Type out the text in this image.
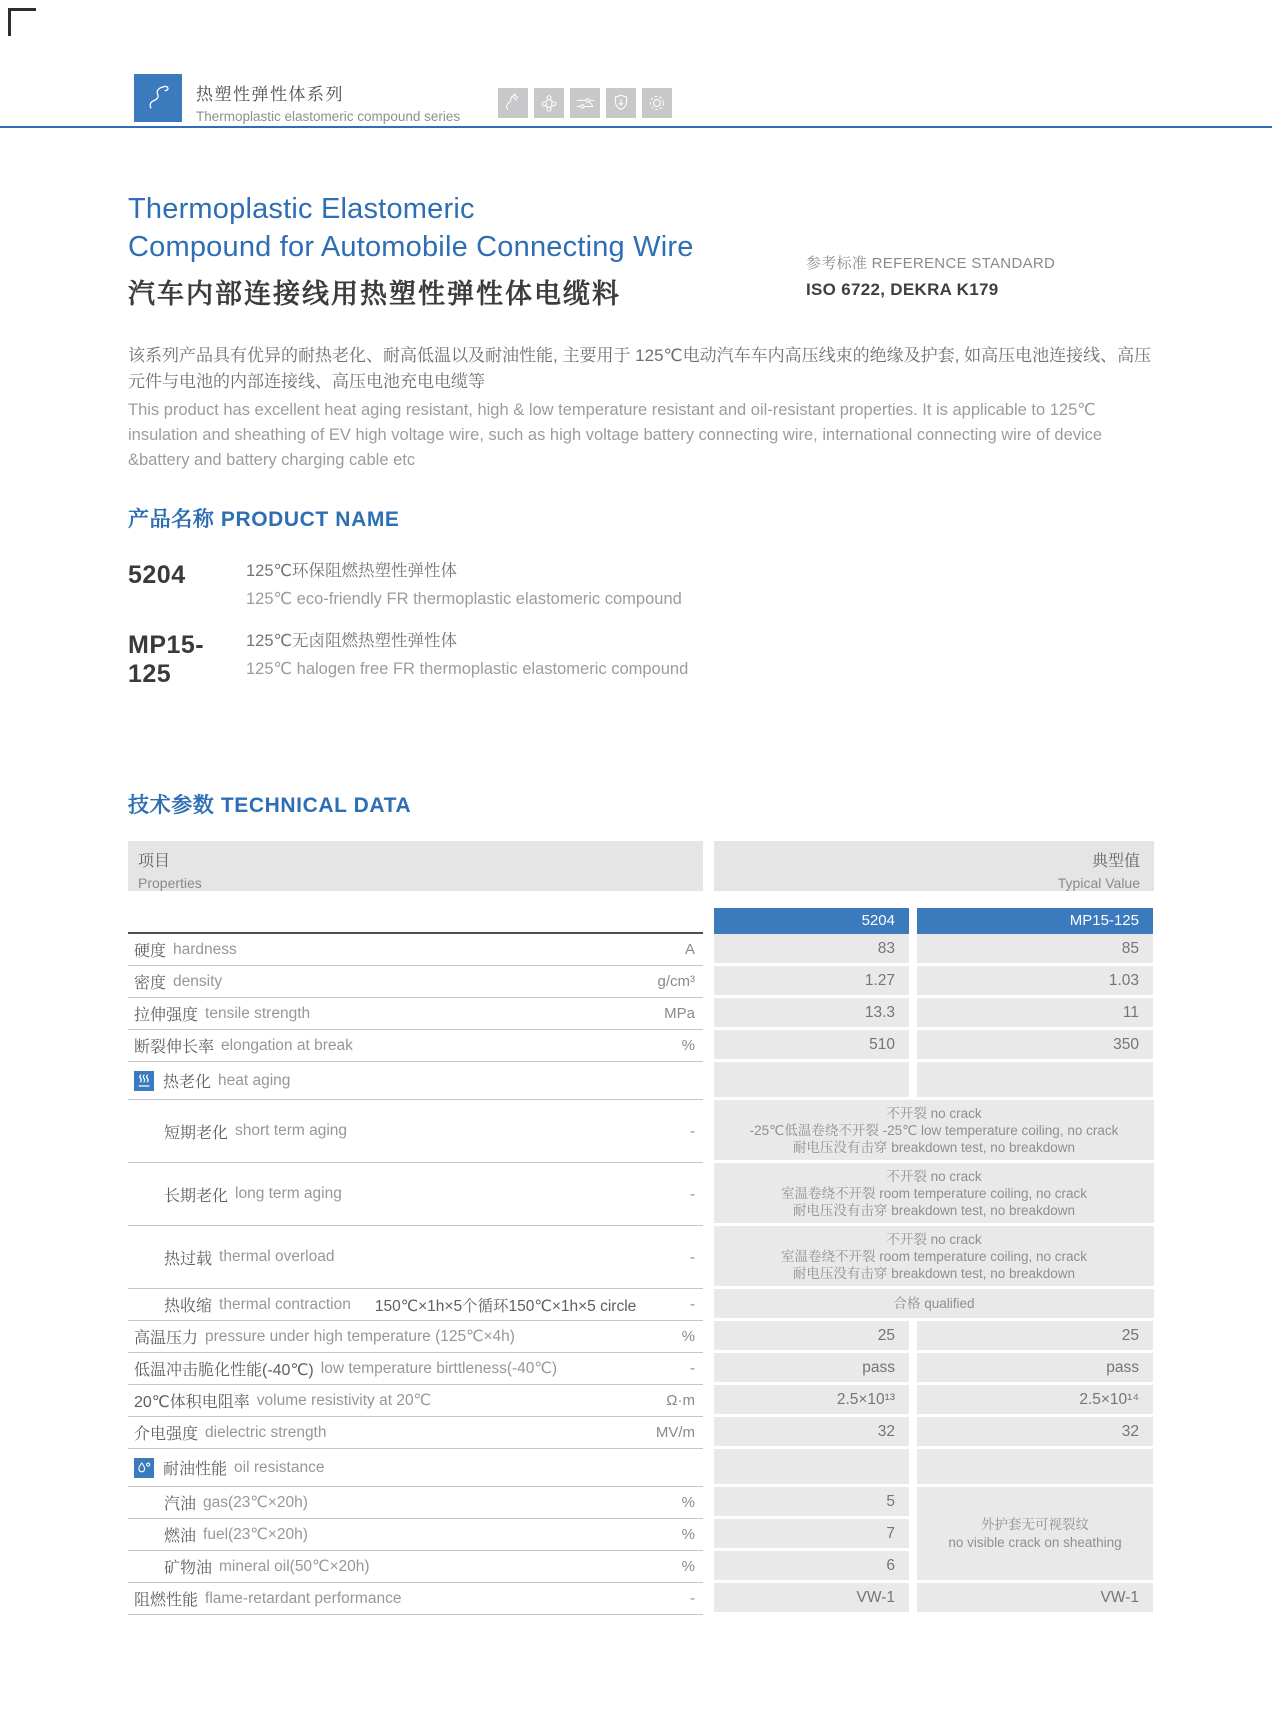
热塑性弹性体系列
Thermoplastic elastomeric compound series
Thermoplastic Elastomeric
Compound for Automobile Connecting Wire
汽车内部连接线用热塑性弹性体电缆料
参考标准 REFERENCE STANDARD
ISO 6722, DEKRA K179
该系列产品具有优异的耐热老化、耐高低温以及耐油性能, 主要用于 125℃电动汽车车内高压线束的绝缘及护套, 如高压电池连接线、高压元件与电池的内部连接线、高压电池充电电缆等
This product has excellent heat aging resistant, high & low temperature resistant and oil-resistant properties. It is applicable to 125℃ insulation and sheathing of EV high voltage wire, such as high voltage battery connecting wire, international connecting wire of device &battery and battery charging cable etc
产品名称 PRODUCT NAME
5204	125℃环保阻燃热塑性弹性体
125℃ eco-friendly FR thermoplastic elastomeric compound
MP15-125
125℃无卤阻燃热塑性弹性体
125℃ halogen free FR thermoplastic elastomeric compound
技术参数 TECHNICAL DATA
项目
Properties
典型值
Typical Value
5204	MP15-125
硬度 hardness	A	83	85
密度 density	g/cm³	1.27	1.03
拉伸强度 tensile strength	MPa	13.3	11
断裂伸长率 elongation at break	%	510	350
热老化 heat aging
短期老化 short term aging	-
不开裂 no crack
-25℃低温卷绕不开裂 -25℃ low temperature coiling, no crack
耐电压没有击穿 breakdown test, no breakdown
长期老化 long term aging	-
不开裂 no crack
室温卷绕不开裂 room temperature coiling, no crack
耐电压没有击穿 breakdown test, no breakdown
热过载 thermal overload	-
不开裂 no crack
室温卷绕不开裂 room temperature coiling, no crack
耐电压没有击穿 breakdown test, no breakdown
热收缩 thermal contraction 150℃×1h×5个循环150℃×1h×5 circle	-	合格 qualified
高温压力 pressure under high temperature (125℃×4h)	%	25	25
低温冲击脆化性能(-40℃) low temperature birttleness(-40℃)	-	pass	pass
20℃体积电阻率 volume resistivity at 20℃	Ω·m	2.5×10¹³	2.5×10¹⁴
介电强度 dielectric strength	MV/m	32	32
耐油性能 oil resistance
汽油 gas(23℃×20h)	%	5
燃油 fuel(23℃×20h)	%	7
矿物油 mineral oil(50℃×20h)	%	6
外护套无可视裂纹
no visible crack on sheathing
阻燃性能 flame-retardant performance	-	VW-1	VW-1
